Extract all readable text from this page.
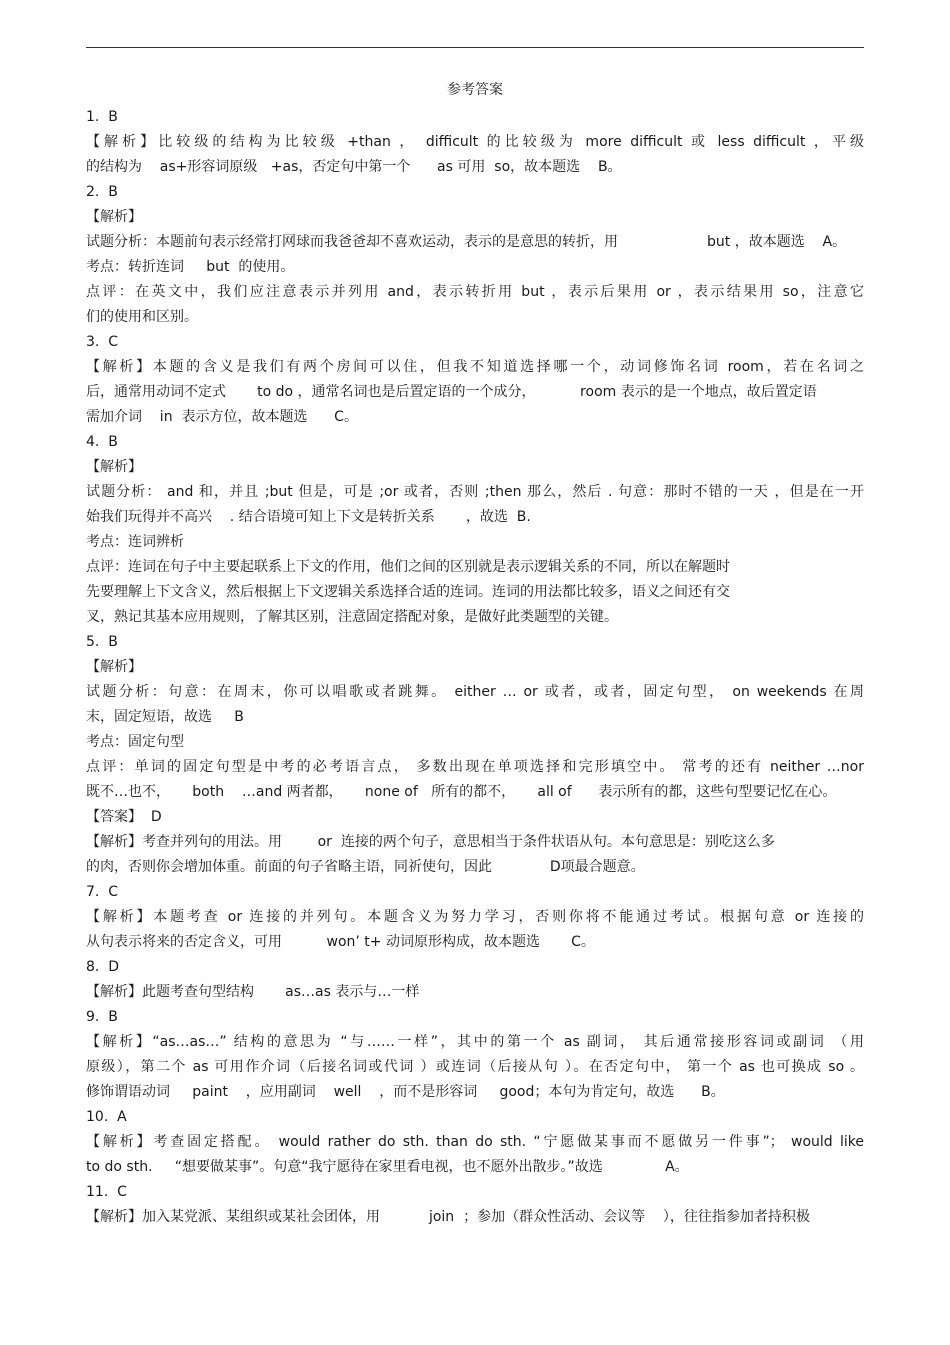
参考答案
1.  B
【解析】比较级的结构为比较级 +than ， difficult 的比较级为 more difficult 或 less difficult ，平级
的结构为    as+形容词原级   +as，否定句中第一个      as 可用  so，故本题选    B。
2.  B
【解析】
试题分析：本题前句表示经常打网球而我爸爸却不喜欢运动，表示的是意思的转折，用                    but ，故本题选    A。
考点：转折连词     but  的使用。
点评：在英文中，我们应注意表示并列用 and，表示转折用 but ，表示后果用 or ，表示结果用 so，注意它
们的使用和区别。
3.  C
【解析】本题的含义是我们有两个房间可以住，但我不知道选择哪一个，动词修饰名词 room，若在名词之
后，通常用动词不定式       to do ，通常名词也是后置定语的一个成分，          room 表示的是一个地点，故后置定语
需加介词    in  表示方位，故本题选      C。
4.  B
【解析】
试题分析： and 和，并且 ;but 但是，可是 ;or 或者，否则 ;then 那么，然后 . 句意：那时不错的一天 ，但是在一开
始我们玩得并不高兴    . 结合语境可知上下文是转折关系       ，故选  B.
考点：连词辨析
点评：连词在句子中主要起联系上下文的作用，他们之间的区别就是表示逻辑关系的不同，所以在解题时
先要理解上下文含义，然后根据上下文逻辑关系选择合适的连词。连词的用法都比较多，语义之间还有交
叉，熟记其基本应用规则，了解其区别，注意固定搭配对象，是做好此类题型的关键。
5.  B
【解析】
试题分析：句意：在周末，你可以唱歌或者跳舞。 either … or 或者，或者，固定句型， on weekends 在周
末，固定短语，故选     B
考点：固定句型
点评：单词的固定句型是中考的必考语言点， 多数出现在单项选择和完形填空中。 常考的还有 neither …nor
既不…也不，     both    …and 两者都，     none of   所有的都不，     all of      表示所有的都，这些句型要记忆在心。
【答案】  D
【解析】考查并列句的用法。用        or  连接的两个句子，意思相当于条件状语从句。本句意思是：别吃这么多
的肉，否则你会增加体重。前面的句子省略主语，同祈使句，因此             D项最合题意。
7.  C
【解析】本题考查 or 连接的并列句。本题含义为努力学习，否则你将不能通过考试。根据句意 or 连接的
从句表示将来的否定含义，可用          won’ t+ 动词原形构成，故本题选       C。
8.  D
【解析】此题考查句型结构       as…as 表示与…一样
9.  B
【解析】“as…as…” 结构的意思为 “与……一样”，其中的第一个 as 副词， 其后通常接形容词或副词 （用
原级），第二个 as 可用作介词（后接名词或代词 ）或连词（后接从句 ）。在否定句中， 第一个 as 也可换成 so 。
修饰谓语动词     paint    ，应用副词    well    ，而不是形容词     good；本句为肯定句，故选      B。
10.  A
【解析】考查固定搭配。 would rather do sth. than do sth. “宁愿做某事而不愿做另一件事”； would like
to do sth.     “想要做某事”。句意“我宁愿待在家里看电视，也不愿外出散步。”故选              A。
11.  C
【解析】加入某党派、某组织或某社会团体，用           join  ；参加（群众性活动、会议等    ），往往指参加者持积极
